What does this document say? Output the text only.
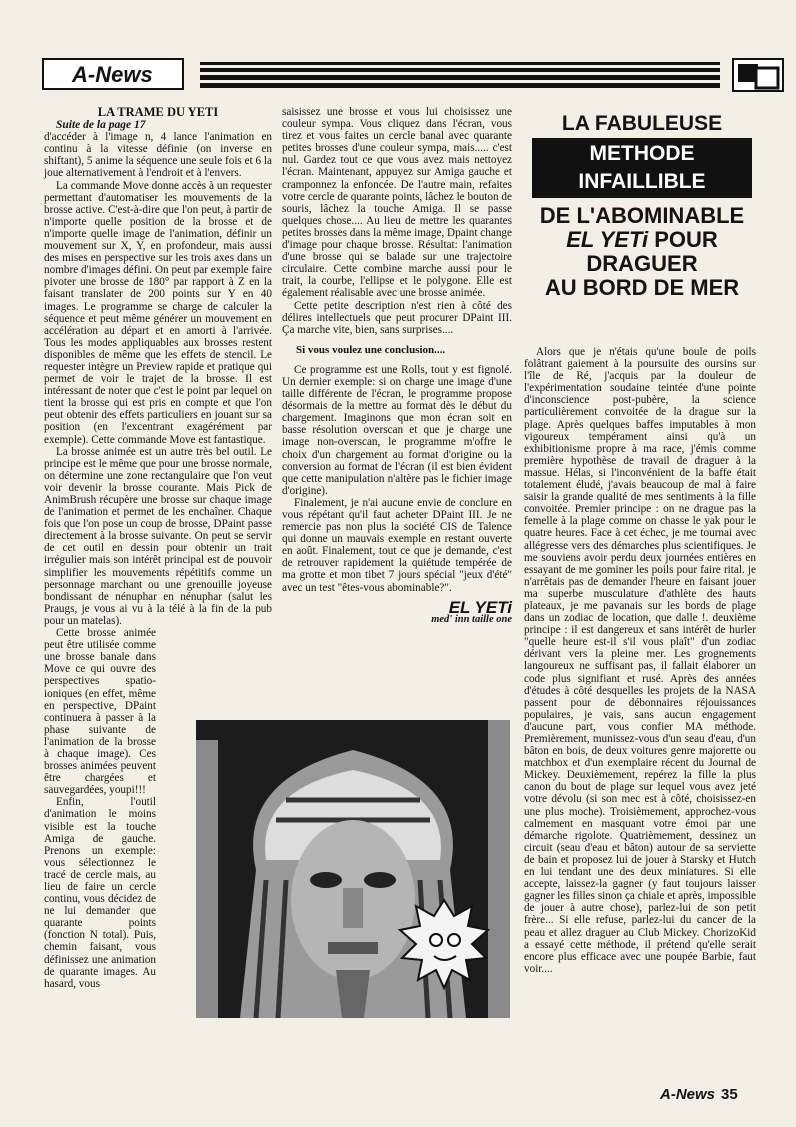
A-News
LA TRAME DU YETI

Suite de la page 17

d'accéder à l'image n, 4 lance l'animation en continu à la vitesse définie (on inverse en shiftant), 5 anime la séquence une seule fois et 6 la joue alternativement à l'endroit et à l'envers.

La commande Move donne accès à un requester permettant d'automatiser les mouvements de la brosse active. C'est-à-dire que l'on peut, à partir de n'importe quelle position de la brosse et de n'importe quelle image de l'animation, définir un mouvement sur X, Y, en profondeur, mais aussi des mises en perspective sur les trois axes dans un nombre d'images défini. On peut par exemple faire pivoter une brosse de 180° par rapport à Z en la faisant translater de 200 points sur Y en 40 images. Le programme se charge de calculer la séquence et peut même générer un mouvement en accélération au départ et en amorti à l'arrivée. Tous les modes appliquables aux brosses restent disponibles de même que les effets de stencil. Le requester intègre un Preview rapide et pratique qui permet de voir le trajet de la brosse. Il est intéressant de noter que c'est le point par lequel on tient la brosse qui est pris en compte et que l'on peut obtenir des effets particuliers en jouant sur sa position (en l'excentrant exagérément par exemple). Cette commande Move est fantastique.

La brosse animée est un autre très bel outil. Le principe est le même que pour une brosse normale, on détermine une zone rectangulaire que l'on veut voir devenir la brosse courante. Mais Pick de AnimBrush récupère une brosse sur chaque image de l'animation et permet de les enchaîner. Chaque fois que l'on pose un coup de brosse, DPaint passe directement à la brosse suivante. On peut se servir de cet outil en dessin pour obtenir un trait irrégulier mais son intérêt principal est de pouvoir simplifier les mouvements répétitifs comme un personnage marchant ou une grenouille joyeuse bondissant de nénuphar en nénuphar (salut les Praugs, je vous ai vu à la télé à la fin de la pub pour un matelas).

Cette brosse animée peut être utilisée comme une brosse banale dans Move ce qui ouvre des perspectives spatio-ioniques (en effet, même en perspective, DPaint continuera à passer à la phase suivante de l'animation de la brosse à chaque image). Ces brosses animées peuvent être chargées et sauvegardées, youpi!!!

Enfin, l'outil d'animation le moins visible est la touche Amiga de gauche. Prenons un exemple: vous sélectionnez le tracé de cercle mais, au lieu de faire un cercle continu, vous décidez de ne lui demander que quarante points (fonction N total). Puis, chemin faisant, vous définissez une animation de quarante images. Au hasard, vous

saisissez une brosse et vous lui choisissez une couleur sympa. Vous cliquez dans l'écran, vous tirez et vous faites un cercle banal avec quarante petites brosses d'une couleur sympa, mais..... c'est nul. Gardez tout ce que vous avez mais nettoyez l'écran. Maintenant, appuyez sur Amiga gauche et cramponnez la enfoncée. De l'autre main, refaites votre cercle de quarante points, lâchez le bouton de souris, lâchez la touche Amiga. Il se passe quelques chose.... Au lieu de mettre les quarantes petites brosses dans la même image, Dpaint change d'image pour chaque brosse. Résultat: l'animation d'une brosse qui se balade sur une trajectoire circulaire. Cette combine marche aussi pour le trait, la courbe, l'ellipse et le polygone. Elle est également réalisable avec une brosse animée.

Cette petite description n'est rien à côté des délires intellectuels que peut procurer DPaint III. Ça marche vite, bien, sans surprises....

Si vous voulez une conclusion....

Ce programme est une Rolls, tout y est fignolé. Un dernier exemple: si on charge une image d'une taille différente de l'écran, le programme propose désormais de la mettre au format dès le début du chargement. Imaginons que mon écran soit en basse résolution overscan et que je charge une image non-overscan, le programme m'offre le choix d'un chargement au format d'origine ou la conversion au format de l'écran (il est bien évident que cette manipulation n'altère pas le fichier image d'origine).

Finalement, je n'ai aucune envie de conclure en vous répétant qu'il faut acheter DPaint III. Je ne remercie pas non plus la société CIS de Talence qui donne un mauvais exemple en restant ouverte en août. Finalement, tout ce que je demande, c'est de retrouver rapidement la quiétude tempérée de ma grotte et mon tibet 7 jours spécial "jeux d'été" avec un test "êtes-vous abominable?".

EL YETi
med' inn taille one
LA FABULEUSE
METHODE
INFAILLIBLE
DE L'ABOMINABLE
EL YETi POUR
DRAGUER
AU BORD DE MER

Alors que je n'étais qu'une boule de poils folâtrant gaiement à la poursuite des oursins sur l'île de Ré, j'acquis par la douleur de l'expérimentation soudaine teintée d'une pointe d'inconscience post-pubère, la science particulièrement convoitée de la drague sur la plage. Après quelques baffes imputables à mon vigoureux tempérament ainsi qu'à un exhibitionisme propre à ma race, j'émis comme première hypothèse de travail de draguer à la massue. Hélas, si l'inconvénient de la baffe était totalement éludé, j'avais beaucoup de mal à faire saisir la grande qualité de mes sentiments à la fille convoitée. Premier principe : on ne drague pas la femelle à la plage comme on chasse le yak pour le quatre heures. Face à cet échec, je me tournai avec allégresse vers des démarches plus scientifiques. Je me souviens avoir perdu deux journées entières en essayant de me gominer les poils pour faire rital. je n'arrêtais pas de demander l'heure en faisant jouer ma superbe musculature d'athlète des hauts plateaux, je me pavanais sur les bords de plage dans un zodiac de location, que dalle !. deuxième principe : il est dangereux et sans intérêt de hurler "quelle heure est-il s'il vous plaît" d'un zodiac dérivant vers la pleine mer. Les grognements langoureux ne suffisant pas, il fallait élaborer un code plus signifiant et rusé. Après des années d'études à côté desquelles les projets de la NASA passent pour de débonnaires réjouissances populaires, je vais, sans aucun engagement d'aucune part, vous confier MA méthode. Premièrement, munissez-vous d'un seau d'eau, d'un bâton en bois, de deux voitures genre majorette ou matchbox et d'un exemplaire récent du Journal de Mickey. Deuxièmement, repérez la fille la plus canon du bout de plage sur lequel vous avez jeté votre dévolu (si son mec est à côté, choisissez-en une plus moche). Troisièmement, approchez-vous calmement en masquant votre émoi par une démarche rigolote. Quatrièmement, dessinez un circuit (seau d'eau et bâton) autour de sa serviette de bain et proposez lui de jouer à Starsky et Hutch en lui tendant une des deux miniatures. Si elle accepte, laissez-la gagner (y faut toujours laisser gagner les filles sinon ça chiale et après, impossible de jouer à autre chose), parlez-lui de son petit frère... Si elle refuse, parlez-lui du cancer de la peau et allez draguer au Club Mickey. ChorizoKid a essayé cette méthode, il prétend qu'elle serait encore plus efficace avec une poupée Barbie, faut voir....

A-News 35
